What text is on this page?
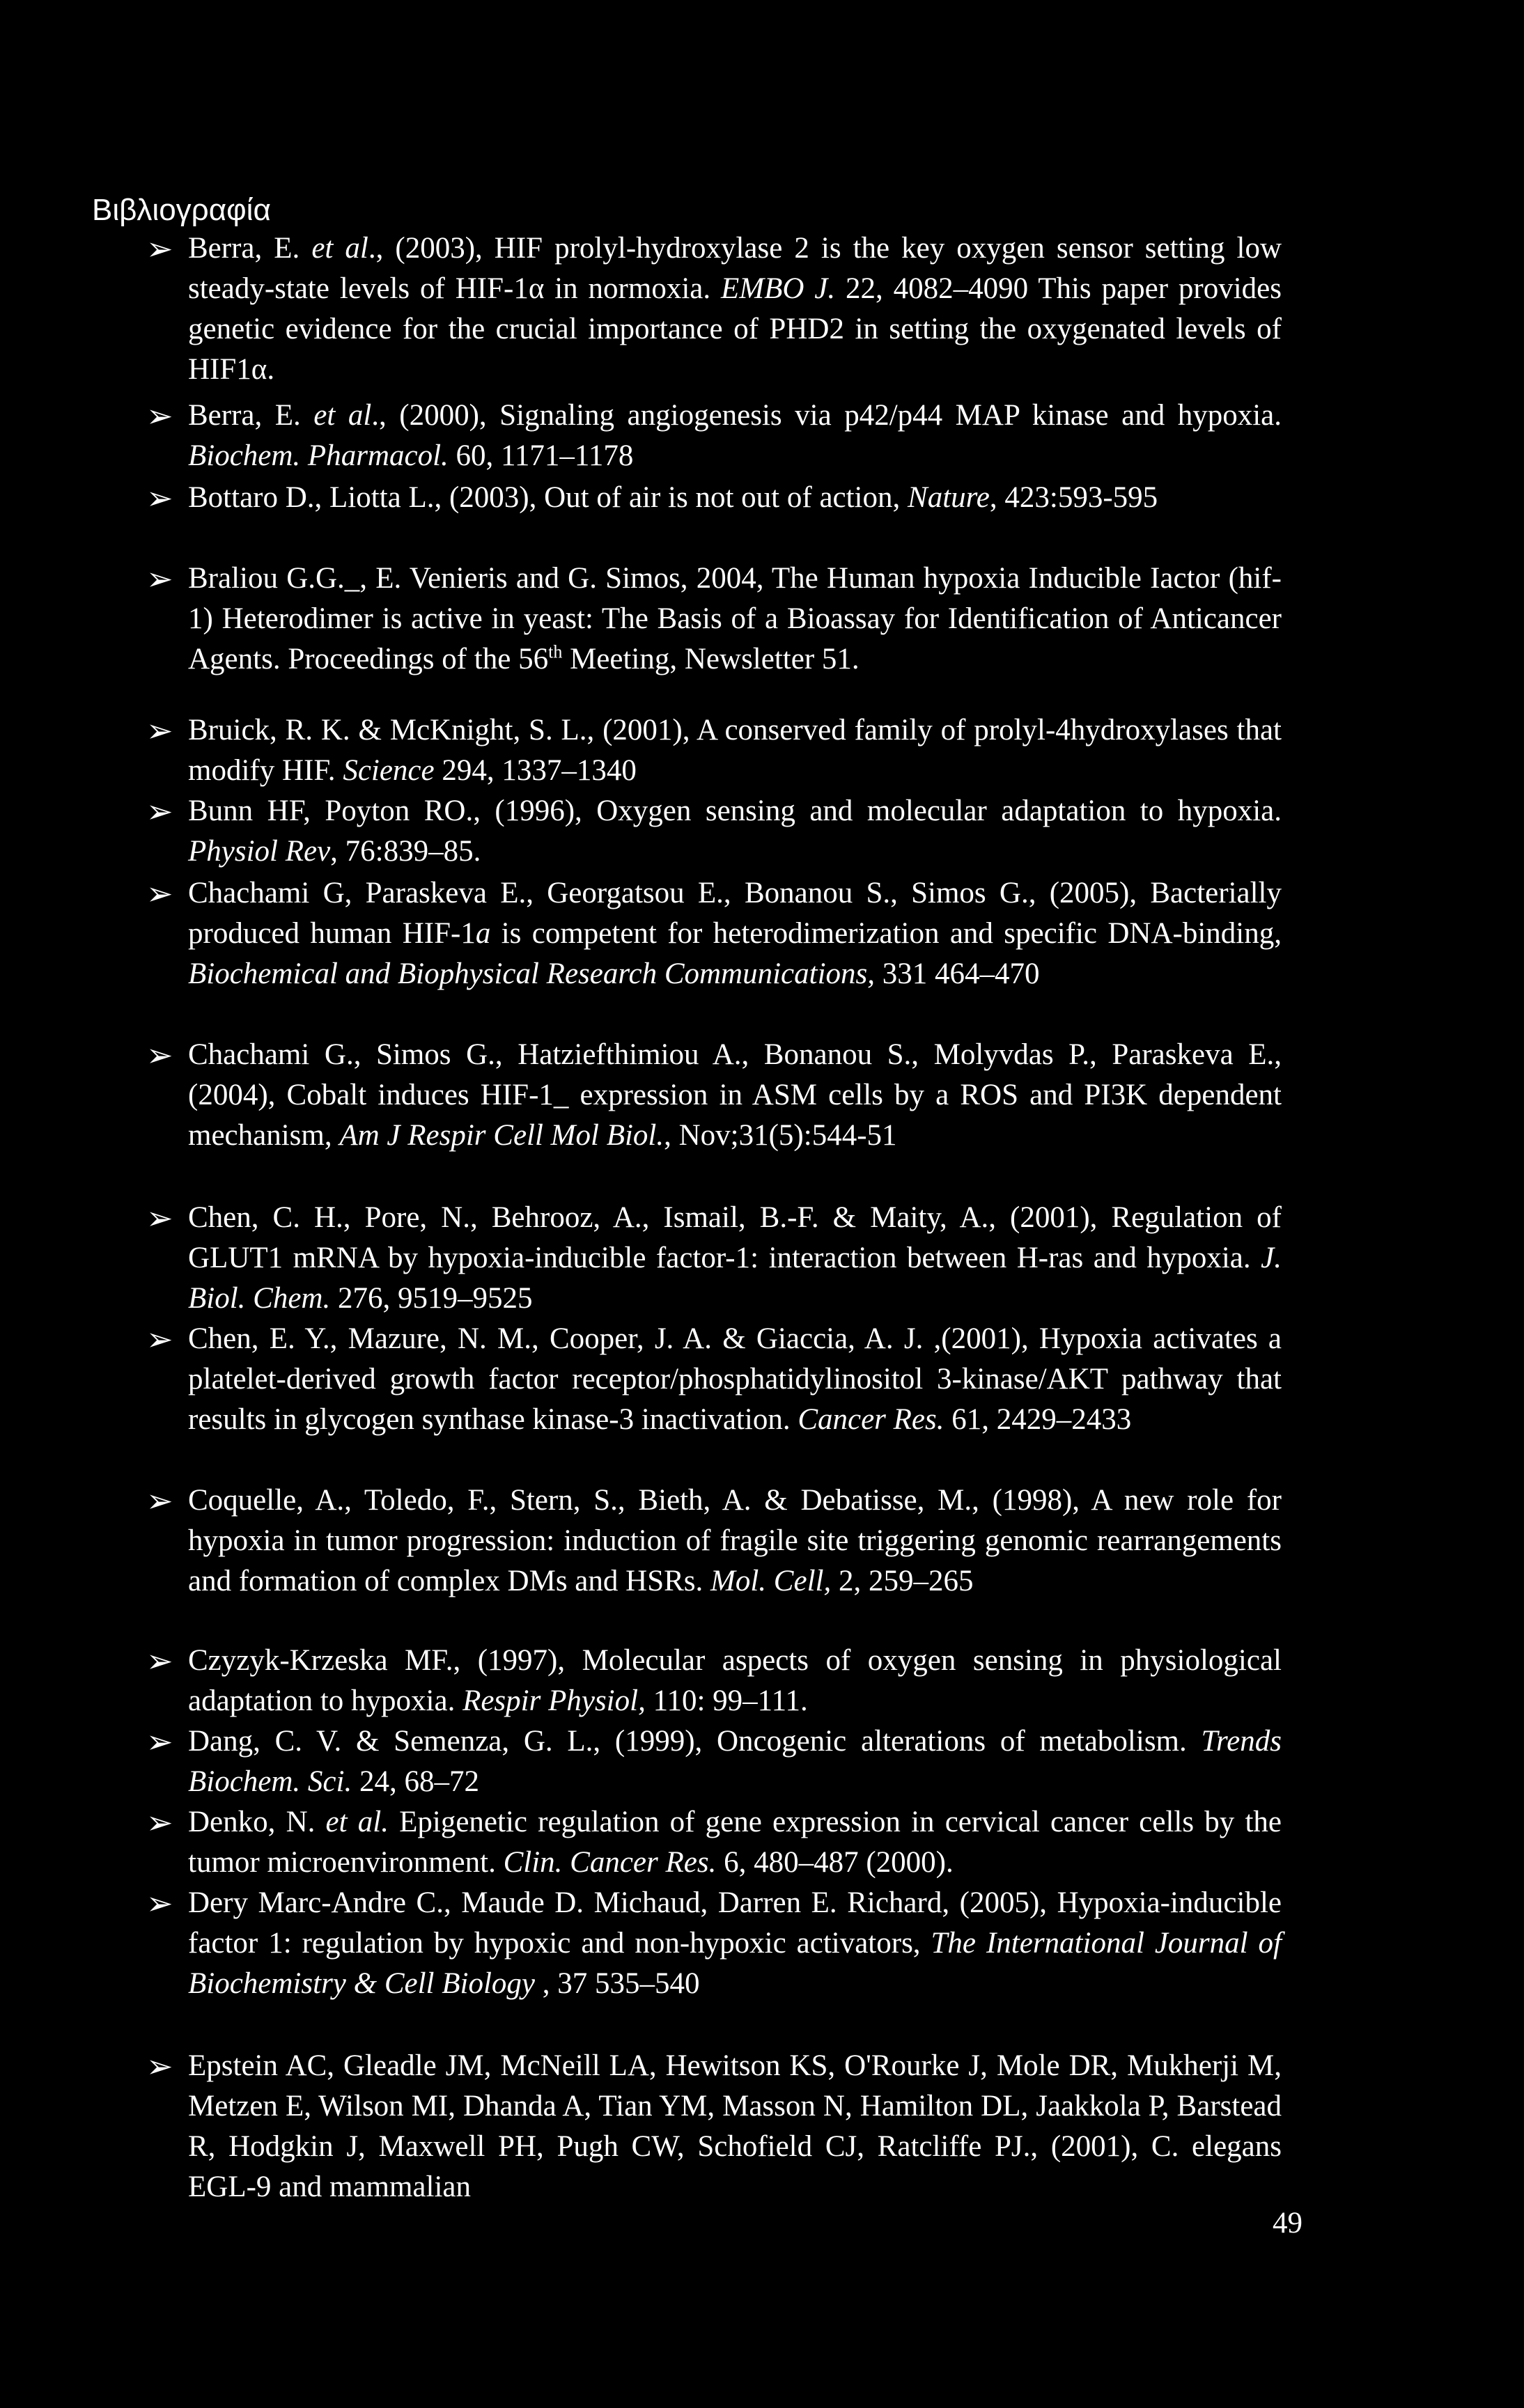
Βιβλιογραφία
➢ Berra, E. et al., (2003), HIF prolyl-hydroxylase 2 is the key oxygen sensor setting low steady-state levels of HIF-1α in normoxia. EMBO J. 22, 4082–4090 This paper provides genetic evidence for the crucial importance of PHD2 in setting the oxygenated levels of HIF1α.
➢ Berra, E. et al., (2000), Signaling angiogenesis via p42/p44 MAP kinase and hypoxia. Biochem. Pharmacol. 60, 1171–1178
➢ Bottaro D., Liotta L., (2003), Out of air is not out of action, Nature, 423:593-595
➢ Braliou G.G._, E. Venieris and G. Simos, 2004, The Human hypoxia Inducible Iactor (hif-1) Heterodimer is active in yeast: The Basis of a Bioassay for Identification of Anticancer Agents. Proceedings of the 56th Meeting, Newsletter 51.
➢ Bruick, R. K. & McKnight, S. L., (2001), A conserved family of prolyl-4hydroxylases that modify HIF. Science 294, 1337–1340
➢ Bunn HF, Poyton RO., (1996), Oxygen sensing and molecular adaptation to hypoxia. Physiol Rev, 76:839–85.
➢ Chachami G, Paraskeva E., Georgatsou E., Bonanou S., Simos G., (2005), Bacterially produced human HIF-1a is competent for heterodimerization and specific DNA-binding, Biochemical and Biophysical Research Communications, 331 464–470
➢ Chachami G., Simos G., Hatziefthimiou A., Bonanou S., Molyvdas P., Paraskeva E., (2004), Cobalt induces HIF-1_ expression in ASM cells by a ROS and PI3K dependent mechanism, Am J Respir Cell Mol Biol., Nov;31(5):544-51
➢ Chen, C. H., Pore, N., Behrooz, A., Ismail, B.-F. & Maity, A., (2001), Regulation of GLUT1 mRNA by hypoxia-inducible factor-1: interaction between H-ras and hypoxia. J. Biol. Chem. 276, 9519–9525
➢ Chen, E. Y., Mazure, N. M., Cooper, J. A. & Giaccia, A. J. ,(2001), Hypoxia activates a platelet-derived growth factor receptor/phosphatidylinositol 3-kinase/AKT pathway that results in glycogen synthase kinase-3 inactivation. Cancer Res. 61, 2429–2433
➢ Coquelle, A., Toledo, F., Stern, S., Bieth, A. & Debatisse, M., (1998), A new role for hypoxia in tumor progression: induction of fragile site triggering genomic rearrangements and formation of complex DMs and HSRs. Mol. Cell, 2, 259–265
➢ Czyzyk-Krzeska MF., (1997), Molecular aspects of oxygen sensing in physiological adaptation to hypoxia. Respir Physiol, 110: 99–111.
➢ Dang, C. V. & Semenza, G. L., (1999), Oncogenic alterations of metabolism. Trends Biochem. Sci. 24, 68–72
➢ Denko, N. et al. Epigenetic regulation of gene expression in cervical cancer cells by the tumor microenvironment. Clin. Cancer Res. 6, 480–487 (2000).
➢ Dery Marc-Andre C., Maude D. Michaud, Darren E. Richard, (2005), Hypoxia-inducible factor 1: regulation by hypoxic and non-hypoxic activators, The International Journal of Biochemistry & Cell Biology , 37 535–540
➢ Epstein AC, Gleadle JM, McNeill LA, Hewitson KS, O'Rourke J, Mole DR, Mukherji M, Metzen E, Wilson MI, Dhanda A, Tian YM, Masson N, Hamilton DL, Jaakkola P, Barstead R, Hodgkin J, Maxwell PH, Pugh CW, Schofield CJ, Ratcliffe PJ., (2001), C. elegans EGL-9 and mammalian
49
